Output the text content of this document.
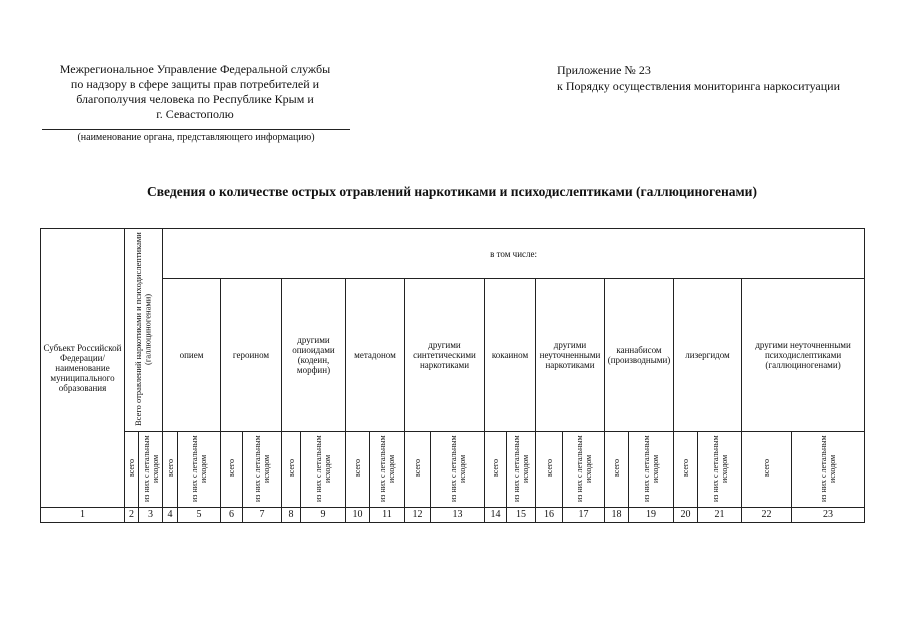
Межрегиональное Управление Федеральной службы
по надзору в сфере защиты прав потребителей и
благополучия человека по Республике Крым и
г. Севастополю
(наименование органа, представляющего информацию)
Приложение № 23
к Порядку осуществления мониторинга наркоситуации
Сведения о количестве острых отравлений наркотиками и психодислептиками (галлюциногенами)
Субъект Российской Федерации/ наименование муниципального образования	Всего отравлений наркотиками и психодислептиками (галлюциногенами)		в том числе:																			
			опием		героином		другими опиоидами (кодеин, морфин)		метадоном		другими синтетическими наркотиками		кокаином		другими неуточненными наркотиками		каннабисом (производными)		лизергидом		другими неуточненными психодислептиками (галлюциногенами)	
	всего	из них с летальным исходом	всего	из них с летальным исходом	всего	из них с летальным исходом	всего	из них с летальным исходом	всего	из них с летальным исходом	всего	из них с летальным исходом	всего	из них с летальным исходом	всего	из них с летальным исходом	всего	из них с летальным исходом	всего	из них с летальным исходом	всего	из них с летальным исходом
1	2	3	4	5	6	7	8	9	10	11	12	13	14	15	16	17	18	19	20	21	22	23
